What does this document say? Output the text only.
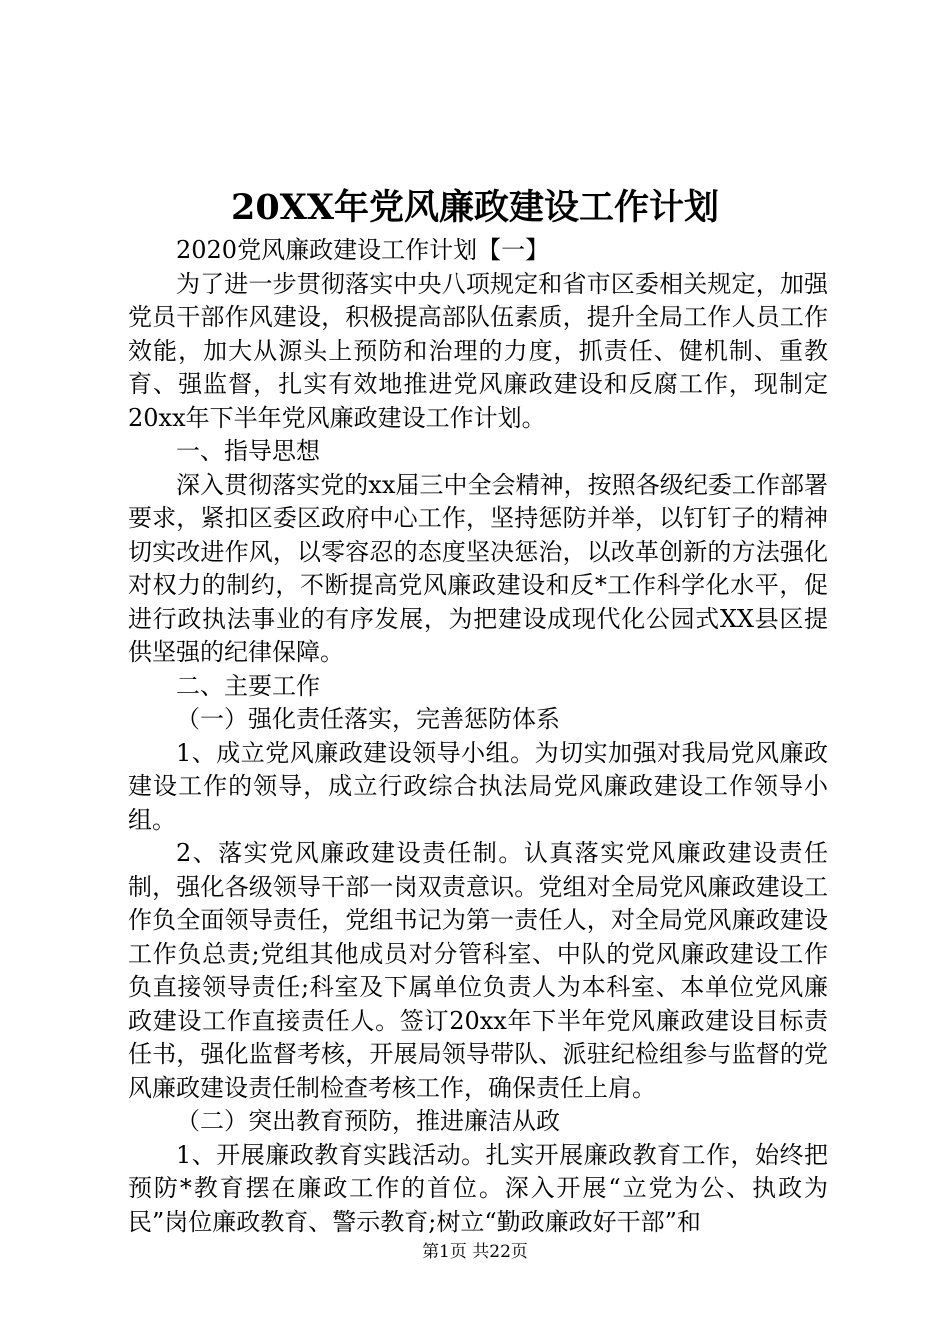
20XX年党风廉政建设工作计划

2020党风廉政建设工作计划【一】

为了进一步贯彻落实中央八项规定和省市区委相关规定，加强党员干部作风建设，积极提高部队伍素质，提升全局工作人员工作效能，加大从源头上预防和治理的力度，抓责任、健机制、重教育、强监督，扎实有效地推进党风廉政建设和反腐工作，现制定20xx年下半年党风廉政建设工作计划。

一、指导思想

深入贯彻落实党的xx届三中全会精神，按照各级纪委工作部署要求，紧扣区委区政府中心工作，坚持惩防并举，以钉钉子的精神切实改进作风，以零容忍的态度坚决惩治，以改革创新的方法强化对权力的制约，不断提高党风廉政建设和反*工作科学化水平，促进行政执法事业的有序发展，为把建设成现代化公园式XX县区提供坚强的纪律保障。

二、主要工作

（一）强化责任落实，完善惩防体系

1、成立党风廉政建设领导小组。为切实加强对我局党风廉政建设工作的领导，成立行政综合执法局党风廉政建设工作领导小组。

2、落实党风廉政建设责任制。认真落实党风廉政建设责任制，强化各级领导干部一岗双责意识。党组对全局党风廉政建设工作负全面领导责任，党组书记为第一责任人，对全局党风廉政建设工作负总责;党组其他成员对分管科室、中队的党风廉政建设工作负直接领导责任;科室及下属单位负责人为本科室、本单位党风廉政建设工作直接责任人。签订20xx年下半年党风廉政建设目标责任书，强化监督考核，开展局领导带队、派驻纪检组参与监督的党风廉政建设责任制检查考核工作，确保责任上肩。

（二）突出教育预防，推进廉洁从政

1、开展廉政教育实践活动。扎实开展廉政教育工作，始终把预防*教育摆在廉政工作的首位。深入开展“立党为公、执政为民”岗位廉政教育、警示教育;树立“勤政廉政好干部”和

第1页 共22页
